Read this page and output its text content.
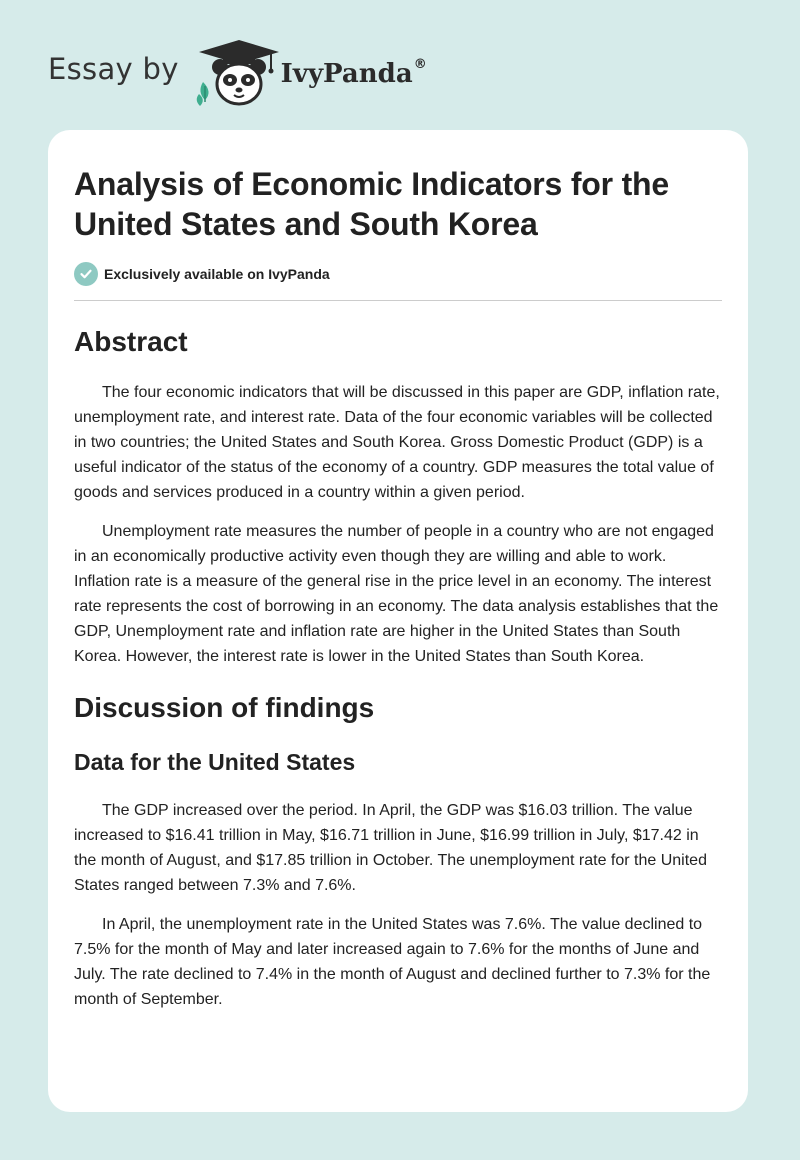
Essay by	IvyPanda ®
Analysis of Economic Indicators for the United States and South Korea
Exclusively available on IvyPanda
Abstract

The four economic indicators that will be discussed in this paper are GDP, inflation rate, unemployment rate, and interest rate. Data of the four economic variables will be collected in two countries; the United States and South Korea. Gross Domestic Product (GDP) is a useful indicator of the status of the economy of a country. GDP measures the total value of goods and services produced in a country within a given period.

Unemployment rate measures the number of people in a country who are not engaged in an economically productive activity even though they are willing and able to work. Inflation rate is a measure of the general rise in the price level in an economy. The interest rate represents the cost of borrowing in an economy. The data analysis establishes that the GDP, Unemployment rate and inflation rate are higher in the United States than South Korea. However, the interest rate is lower in the United States than South Korea.

Discussion of findings
Data for the United States

The GDP increased over the period. In April, the GDP was $16.03 trillion. The value increased to $16.41 trillion in May, $16.71 trillion in June, $16.99 trillion in July, $17.42 in the month of August, and $17.85 trillion in October. The unemployment rate for the United States ranged between 7.3% and 7.6%.

In April, the unemployment rate in the United States was 7.6%. The value declined to 7.5% for the month of May and later increased again to 7.6% for the months of June and July. The rate declined to 7.4% in the month of August and declined further to 7.3% for the month of September.
